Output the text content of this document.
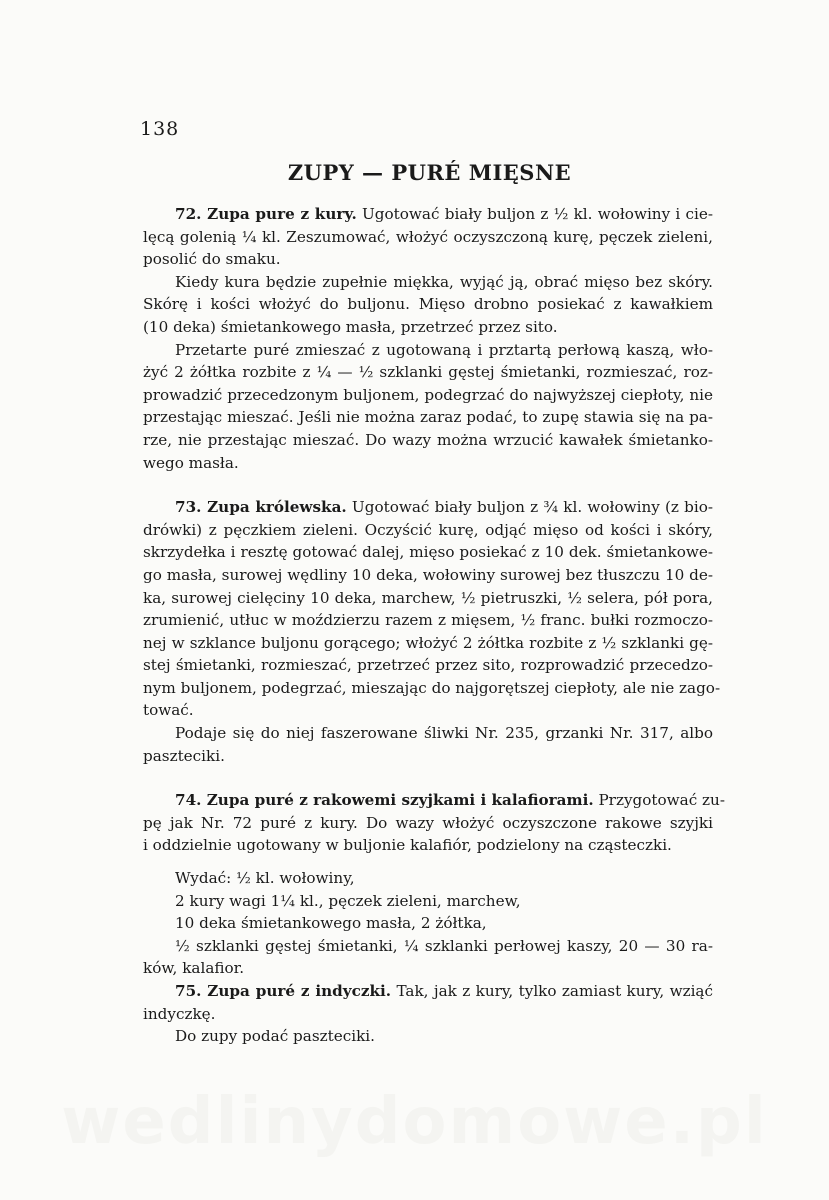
138
ZUPY — PURÉ MIĘSNE
72. Zupa pure z kury. Ugotować biały buljon z ½ kl. wołowiny i cie-
lęcą golenią ¼ kl. Zeszumować, włożyć oczyszczoną kurę, pęczek zieleni,
posolić do smaku.
Kiedy kura będzie zupełnie miękka, wyjąć ją, obrać mięso bez skóry.
Skórę i kości włożyć do buljonu. Mięso drobno posiekać z kawałkiem
(10 deka) śmietankowego masła, przetrzeć przez sito.
Przetarte puré zmieszać z ugotowaną i prztartą perłową kaszą, wło-
żyć 2 żółtka rozbite z ¼ — ½ szklanki gęstej śmietanki, rozmieszać, roz-
prowadzić przecedzonym buljonem, podegrzać do najwyższej ciepłoty, nie
przestając mieszać. Jeśli nie można zaraz podać, to zupę stawia się na pa-
rze, nie przestając mieszać. Do wazy można wrzucić kawałek śmietanko-
wego masła.
73. Zupa królewska. Ugotować biały buljon z ¾ kl. wołowiny (z bio-
drówki) z pęczkiem zieleni. Oczyścić kurę, odjąć mięso od kości i skóry,
skrzydełka i resztę gotować dalej, mięso posiekać z 10 dek. śmietankowe-
go masła, surowej wędliny 10 deka, wołowiny surowej bez tłuszczu 10 de-
ka, surowej cielęciny 10 deka, marchew, ½ pietruszki, ½ selera, pół pora,
zrumienić, utłuc w moździerzu razem z mięsem, ½ franc. bułki rozmoczo-
nej w szklance buljonu gorącego; włożyć 2 żółtka rozbite z ½ szklanki gę-
stej śmietanki, rozmieszać, przetrzeć przez sito, rozprowadzić przecedzo-
nym buljonem, podegrzać, mieszając do najgorętszej ciepłoty, ale nie zago-
tować.
Podaje się do niej faszerowane śliwki Nr. 235, grzanki Nr. 317, albo
paszteciki.
74. Zupa puré z rakowemi szyjkami i kalafiorami. Przygotować zu-
pę jak Nr. 72 puré z kury. Do wazy włożyć oczyszczone rakowe szyjki
i oddzielnie ugotowany w buljonie kalafiór, podzielony na cząsteczki.
Wydać: ½ kl. wołowiny,
2 kury wagi 1¼ kl., pęczek zieleni, marchew,
10 deka śmietankowego masła, 2 żółtka,
½ szklanki gęstej śmietanki, ¼ szklanki perłowej kaszy, 20 — 30 ra-
ków, kalafior.
75. Zupa puré z indyczki. Tak, jak z kury, tylko zamiast kury, wziąć
indyczkę.
Do zupy podać paszteciki.
wedlinydomowe.pl
